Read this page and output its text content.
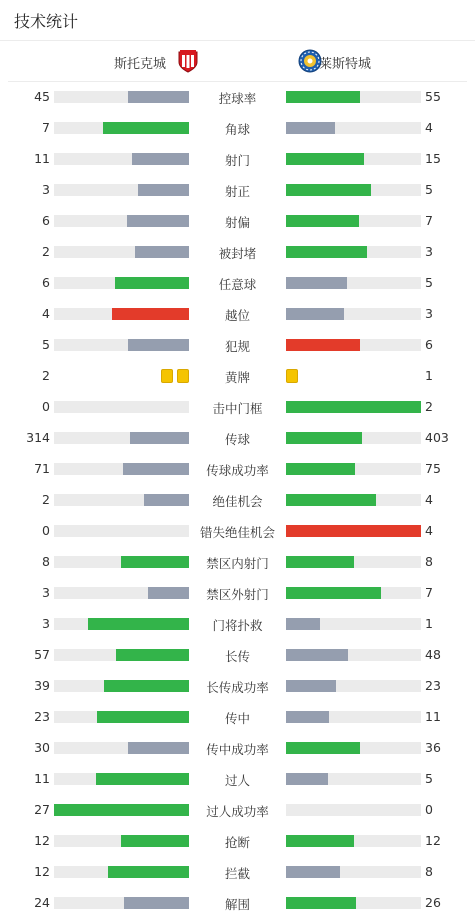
技术统计
斯托克城	莱斯特城
45	控球率	55
7	角球	4
11	射门	15
3	射正	5
6	射偏	7
2	被封堵	3
6	任意球	5
4	越位	3
5	犯规	6
2	黄牌	1
0	击中门框	2
314	传球	403
71	传球成功率	75
2	绝佳机会	4
0	错失绝佳机会	4
8	禁区内射门	8
3	禁区外射门	7
3	门将扑救	1
57	长传	48
39	长传成功率	23
23	传中	11
30	传中成功率	36
11	过人	5
27	过人成功率	0
12	抢断	12
12	拦截	8
24	解围	26
